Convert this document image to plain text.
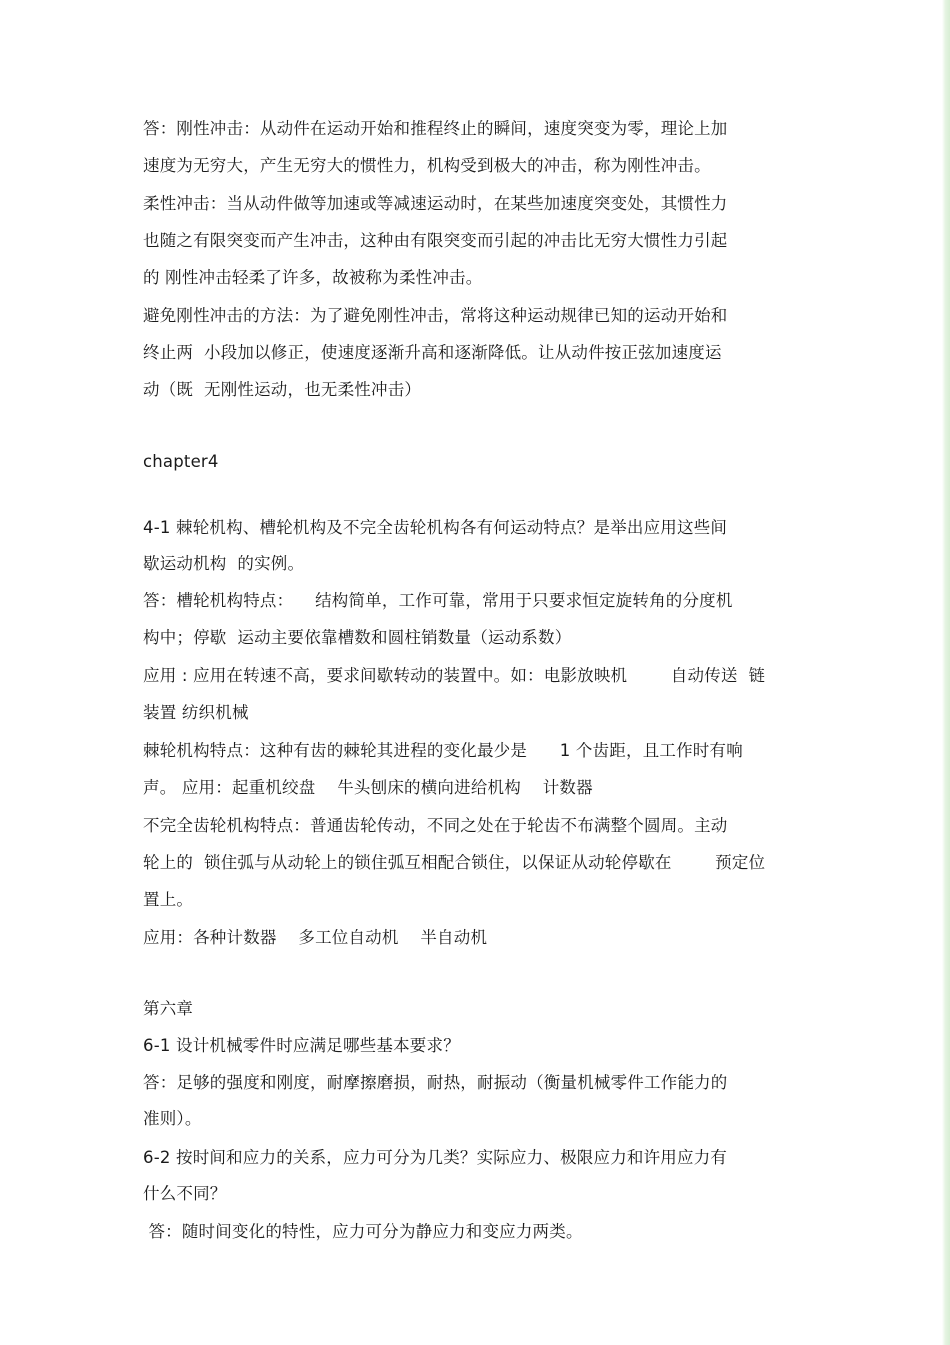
答：刚性冲击：从动件在运动开始和推程终止的瞬间，速度突变为零，理论上加

速度为无穷大，产生无穷大的惯性力，机构受到极大的冲击，称为刚性冲击。

柔性冲击：当从动件做等加速或等减速运动时，在某些加速度突变处，其惯性力

也随之有限突变而产生冲击，这种由有限突变而引起的冲击比无穷大惯性力引起

的 刚性冲击轻柔了许多，故被称为柔性冲击。

避免刚性冲击的方法：为了避免刚性冲击，常将这种运动规律已知的运动开始和

终止两  小段加以修正，使速度逐渐升高和逐渐降低。让从动件按正弦加速度运

动（既  无刚性运动，也无柔性冲击）

chapter4

4-1 棘轮机构、槽轮机构及不完全齿轮机构各有何运动特点？是举出应用这些间

歇运动机构  的实例。

答：槽轮机构特点：    结构简单，工作可靠，常用于只要求恒定旋转角的分度机

构中；停歇  运动主要依靠槽数和圆柱销数量（运动系数）

应用 : 应用在转速不高，要求间歇转动的装置中。如：电影放映机        自动传送  链

装置 纺织机械

棘轮机构特点：这种有齿的棘轮其进程的变化最少是      1 个齿距，且工作时有响

声。 应用：起重机绞盘    牛头刨床的横向进给机构    计数器

不完全齿轮机构特点：普通齿轮传动，不同之处在于轮齿不布满整个圆周。主动

轮上的  锁住弧与从动轮上的锁住弧互相配合锁住，以保证从动轮停歇在        预定位

置上。

应用：各种计数器    多工位自动机    半自动机

第六章

6-1 设计机械零件时应满足哪些基本要求？

答：足够的强度和刚度，耐摩擦磨损，耐热，耐振动（衡量机械零件工作能力的

准则）。

6-2 按时间和应力的关系，应力可分为几类？实际应力、极限应力和许用应力有

什么不同？

答：随时间变化的特性，应力可分为静应力和变应力两类。
